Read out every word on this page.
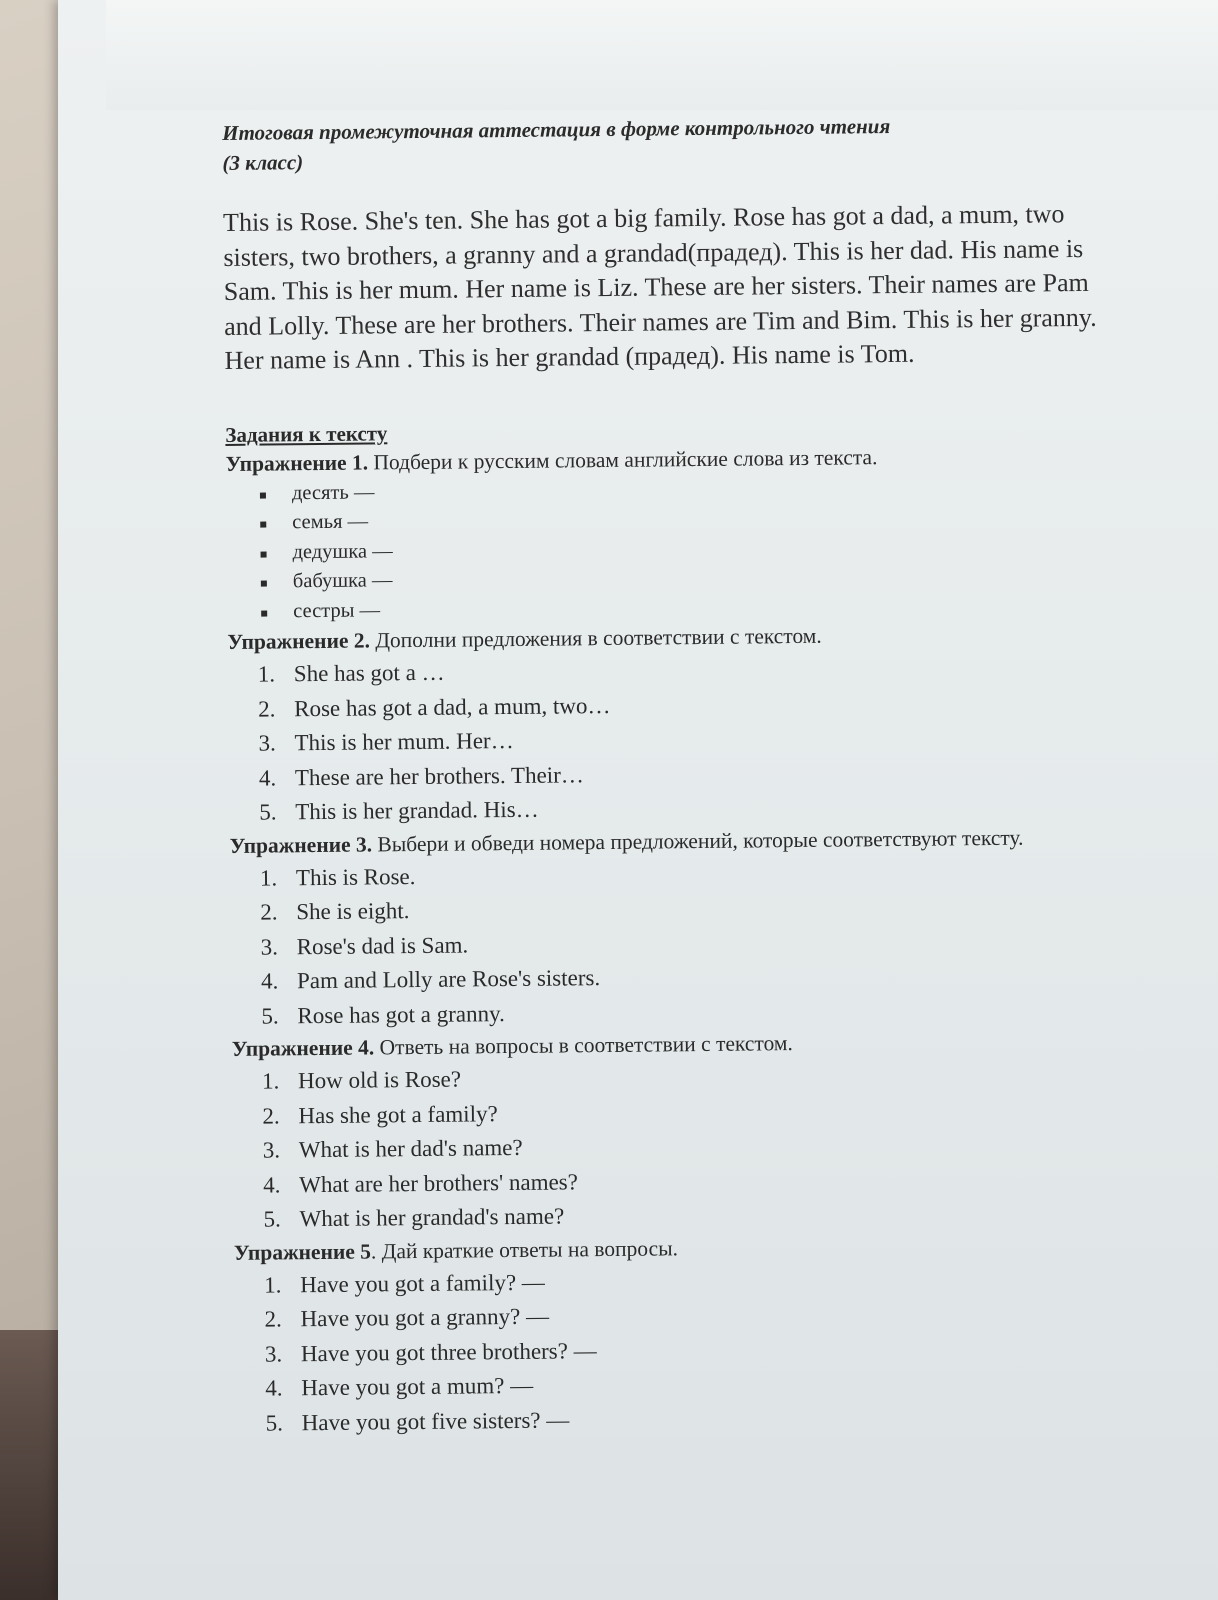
Итоговая промежуточная аттестация в форме контрольного чтения
(3 класс)

This is Rose. She's ten. She has got a big family. Rose has got a dad, a mum, two sisters, two brothers, a granny and a grandad(прадед). This is her dad. His name is Sam. This is her mum. Her name is Liz. These are her sisters. Their names are Pam and Lolly. These are her brothers. Their names are Tim and Bim. This is her granny. Her name is Ann . This is her grandad (прадед). His name is Tom.

Задания к тексту

Упражнение 1. Подбери к русским словам английские слова из текста.

десять —
семья —
дедушка —
бабушка —
сестры —

Упражнение 2. Дополни предложения в соответствии с текстом.

1. She has got a …
2. Rose has got a dad, a mum, two…
3. This is her mum. Her…
4. These are her brothers. Their…
5. This is her grandad. His…

Упражнение 3. Выбери и обведи номера предложений, которые соответствуют тексту.

1. This is Rose.
2. She is eight.
3. Rose's dad is Sam.
4. Pam and Lolly are Rose's sisters.
5. Rose has got a granny.

Упражнение 4. Ответь на вопросы в соответствии с текстом.

1. How old is Rose?
2. Has she got a family?
3. What is her dad's name?
4. What are her brothers' names?
5. What is her grandad's name?

Упражнение 5. Дай краткие ответы на вопросы.

1. Have you got a family? —
2. Have you got a granny? —
3. Have you got three brothers? —
4. Have you got a mum? —
5. Have you got five sisters? —
